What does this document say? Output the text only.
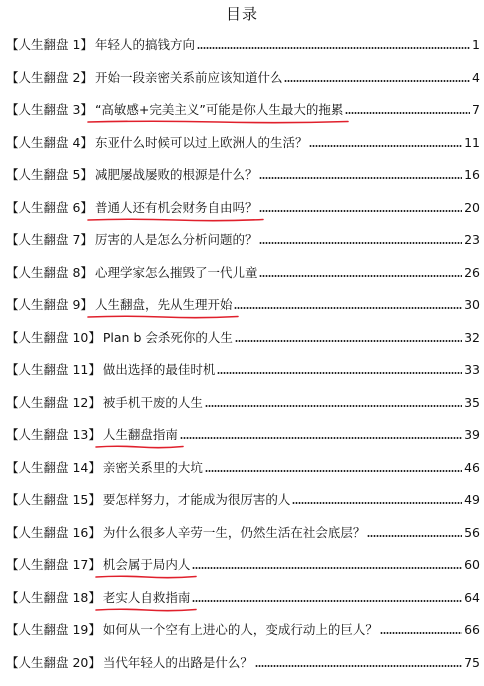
目录
【人生翻盘 1】 年轻人的搞钱方向	1
【人生翻盘 2】 开始一段亲密关系前应该知道什么	4
【人生翻盘 3】 “高敏感+完美主义”可能是你人生最大的拖累	7
【人生翻盘 4】 东亚什么时候可以过上欧洲人的生活？	11
【人生翻盘 5】 减肥屡战屡败的根源是什么？	16
【人生翻盘 6】 普通人还有机会财务自由吗？	20
【人生翻盘 7】 厉害的人是怎么分析问题的？	23
【人生翻盘 8】 心理学家怎么摧毁了一代儿童	26
【人生翻盘 9】 人生翻盘，先从生理开始	30
【人生翻盘 10】 Plan b 会杀死你的人生	32
【人生翻盘 11】 做出选择的最佳时机	33
【人生翻盘 12】 被手机干废的人生	35
【人生翻盘 13】 人生翻盘指南	39
【人生翻盘 14】 亲密关系里的大坑	46
【人生翻盘 15】 要怎样努力，才能成为很厉害的人	49
【人生翻盘 16】 为什么很多人辛劳一生，仍然生活在社会底层？	56
【人生翻盘 17】 机会属于局内人	60
【人生翻盘 18】 老实人自救指南	64
【人生翻盘 19】 如何从一个空有上进心的人，变成行动上的巨人？	66
【人生翻盘 20】 当代年轻人的出路是什么？	75
